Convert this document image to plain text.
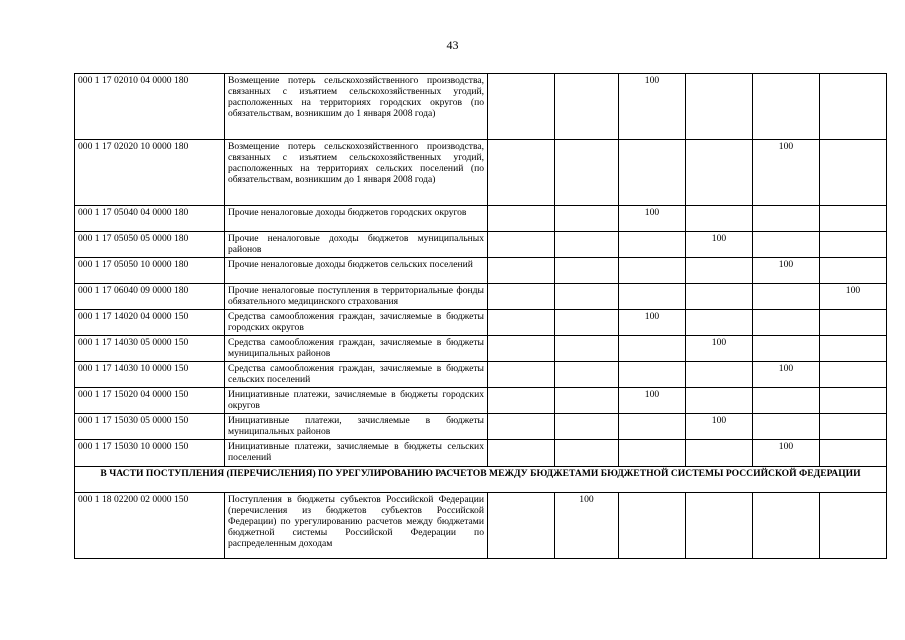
43
000 1 17 02010 04 0000 180	Возмещение потерь сельскохозяйственного производства, связанных с изъятием сельскохозяйственных угодий, расположенных на территориях городских округов (по обязательствам, возникшим до 1 января 2008 года)			100			
000 1 17 02020 10 0000 180	Возмещение потерь сельскохозяйственного производства, связанных с изъятием сельскохозяйственных угодий, расположенных на территориях сельских поселений (по обязательствам, возникшим до 1 января 2008 года)					100	
000 1 17 05040 04 0000 180	Прочие неналоговые доходы бюджетов городских округов			100			
000 1 17 05050 05 0000 180	Прочие неналоговые доходы бюджетов муниципальных районов				100		
000 1 17 05050 10 0000 180	Прочие неналоговые доходы бюджетов сельских поселений					100	
000 1 17 06040 09 0000 180	Прочие неналоговые поступления в территориальные фонды обязательного медицинского страхования						100
000 1 17 14020 04 0000 150	Средства самообложения граждан, зачисляемые в бюджеты городских округов			100			
000 1 17 14030 05 0000 150	Средства самообложения граждан, зачисляемые в бюджеты муниципальных районов				100		
000 1 17 14030 10 0000 150	Средства самообложения граждан, зачисляемые в бюджеты сельских поселений					100	
000 1 17 15020 04 0000 150	Инициативные платежи, зачисляемые в бюджеты городских округов			100			
000 1 17 15030 05 0000 150	Инициативные платежи, зачисляемые в бюджеты муниципальных районов				100		
000 1 17 15030 10 0000 150	Инициативные платежи, зачисляемые в бюджеты сельских поселений					100	
В ЧАСТИ ПОСТУПЛЕНИЯ (ПЕРЕЧИСЛЕНИЯ) ПО УРЕГУЛИРОВАНИЮ РАСЧЕТОВ МЕЖДУ БЮДЖЕТАМИ БЮДЖЕТНОЙ СИСТЕМЫ РОССИЙСКОЙ ФЕДЕРАЦИИ							
000 1 18 02200 02 0000 150	Поступления в бюджеты субъектов Российской Федерации (перечисления из бюджетов субъектов Российской Федерации) по урегулированию расчетов между бюджетами бюджетной системы Российской Федерации по распределенным доходам		100				
